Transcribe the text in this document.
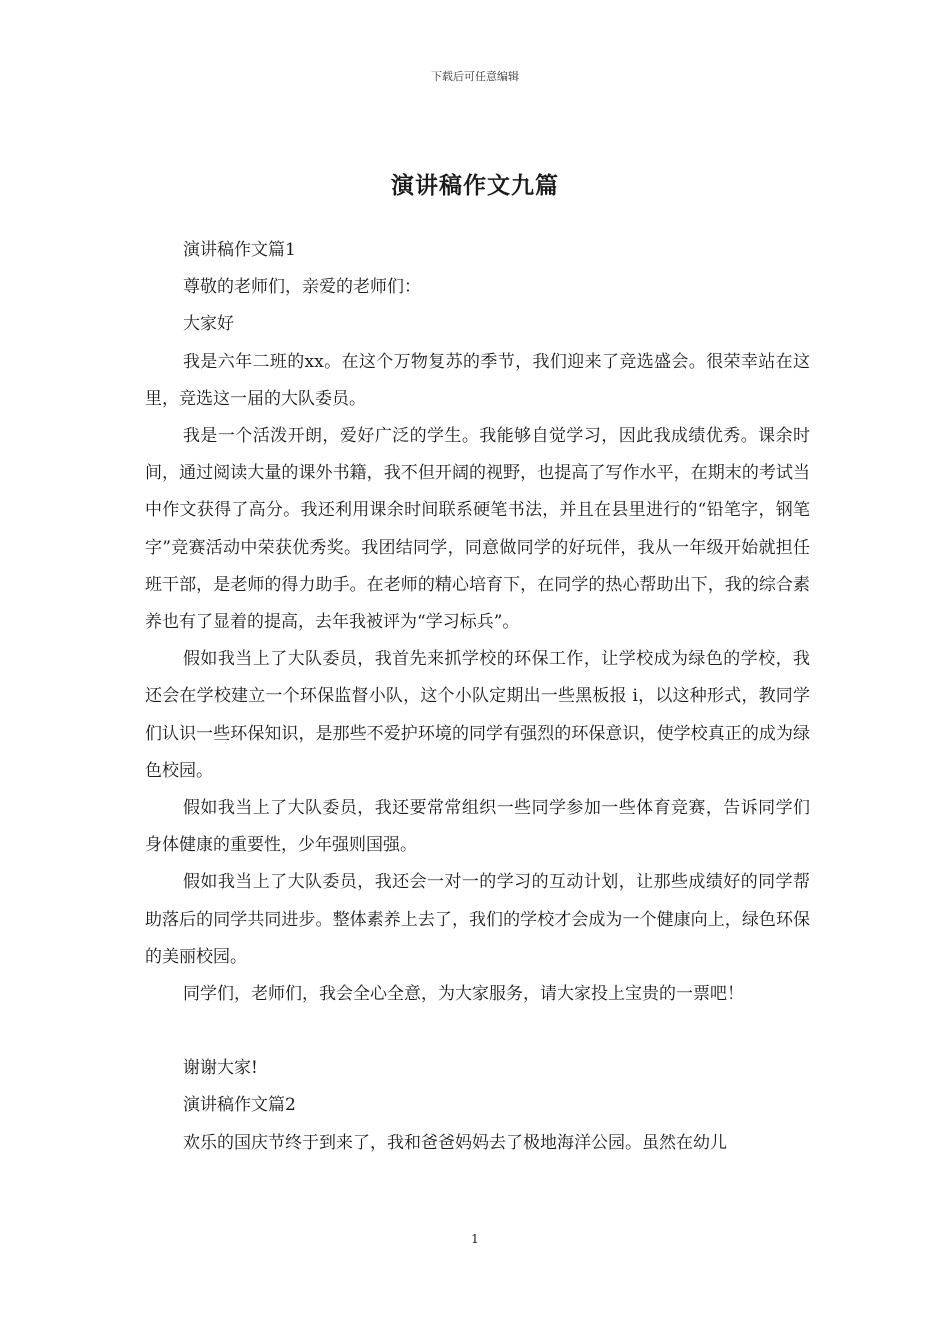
下载后可任意编辑
演讲稿作文九篇

演讲稿作文篇1

尊敬的老师们，亲爱的老师们：

大家好

我是六年二班的xx。在这个万物复苏的季节，我们迎来了竞选盛会。很荣幸站在这里，竞选这一届的大队委员。

我是一个活泼开朗，爱好广泛的学生。我能够自觉学习，因此我成绩优秀。课余时间，通过阅读大量的课外书籍，我不但开阔的视野，也提高了写作水平，在期末的考试当中作文获得了高分。我还利用课余时间联系硬笔书法，并且在县里进行的“铅笔字，钢笔字”竞赛活动中荣获优秀奖。我团结同学，同意做同学的好玩伴，我从一年级开始就担任班干部，是老师的得力助手。在老师的精心培育下，在同学的热心帮助出下，我的综合素养也有了显着的提高，去年我被评为“学习标兵”。

假如我当上了大队委员，我首先来抓学校的环保工作，让学校成为绿色的学校，我还会在学校建立一个环保监督小队，这个小队定期出一些黑板报 i，以这种形式，教同学们认识一些环保知识，是那些不爱护环境的同学有强烈的环保意识，使学校真正的成为绿色校园。

假如我当上了大队委员，我还要常常组织一些同学参加一些体育竞赛，告诉同学们身体健康的重要性，少年强则国强。

假如我当上了大队委员，我还会一对一的学习的互动计划，让那些成绩好的同学帮助落后的同学共同进步。整体素养上去了，我们的学校才会成为一个健康向上，绿色环保的美丽校园。

同学们，老师们，我会全心全意，为大家服务，请大家投上宝贵的一票吧！

谢谢大家!

演讲稿作文篇2

欢乐的国庆节终于到来了，我和爸爸妈妈去了极地海洋公园。虽然在幼儿

1
